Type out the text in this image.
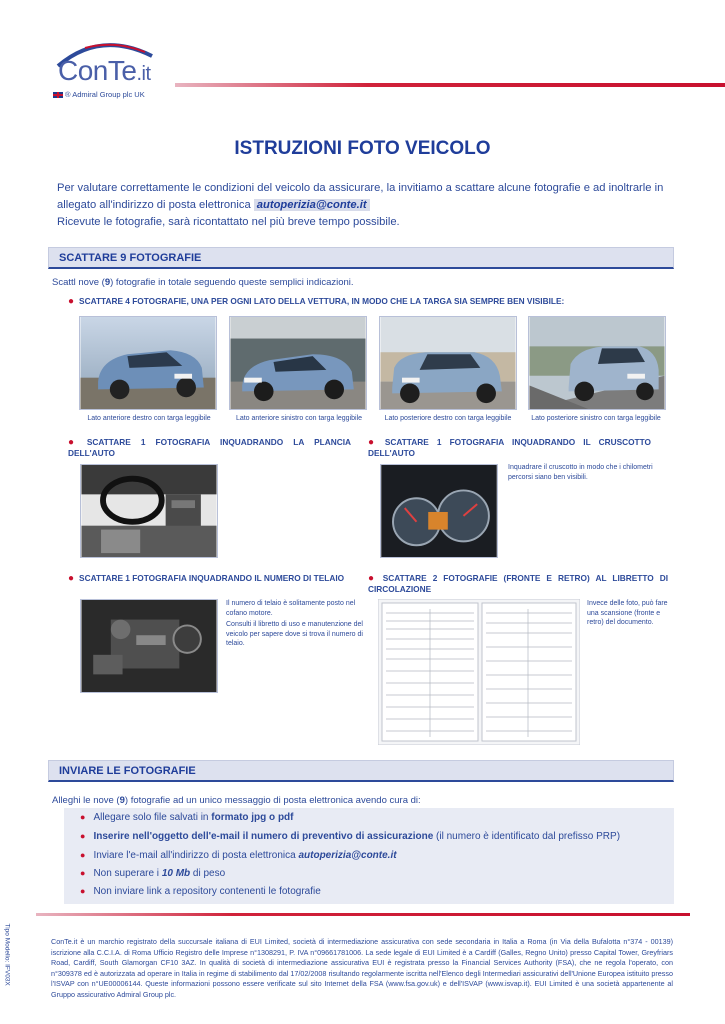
ConTe.it
® Admiral Group plc UK
ISTRUZIONI FOTO VEICOLO
Per valutare correttamente le condizioni del veicolo da assicurare, la invitiamo a scattare alcune fotografie e ad inoltrarle in allegato all'indirizzo di posta elettronica autoperizia@conte.it
Ricevute le fotografie, sarà ricontattato nel più breve tempo possibile.
SCATTARE 9 FOTOGRAFIE
Scattl nove (9) fotografie in totale seguendo queste semplici indicazioni.
● SCATTARE 4 FOTOGRAFIE, UNA PER OGNI LATO DELLA VETTURA, IN MODO CHE LA TARGA SIA SEMPRE BEN VISIBILE:
Lato anteriore destro con targa leggibile	Lato anteriore sinistro con targa leggibile	Lato posteriore destro con targa leggibile	Lato posteriore sinistro con targa leggibile
● SCATTARE 1 FOTOGRAFIA INQUADRANDO LA PLANCIA DELL'AUTO
● SCATTARE 1 FOTOGRAFIA INQUADRANDO IL CRUSCOTTO DELL'AUTO
Inquadrare il cruscotto in modo che i chilometri percorsi siano ben visibili.
● SCATTARE 1 FOTOGRAFIA INQUADRANDO IL NUMERO DI TELAIO	● SCATTARE 2 FOTOGRAFIE (FRONTE E RETRO) AL LIBRETTO DI CIRCOLAZIONE
Il numero di telaio è solitamente posto nel cofano motore.
Consulti il libretto di uso e manutenzione del veicolo per sapere dove si trova il numero di telaio.
Invece delle foto, può fare una scansione (fronte e retro) del documento.
INVIARE LE FOTOGRAFIE
Alleghi le nove (9) fotografie ad un unico messaggio di posta elettronica avendo cura di:
● Allegare solo file salvati in formato jpg o pdf
● Inserire nell'oggetto dell'e-mail il numero di preventivo di assicurazione (il numero è identificato dal prefisso PRP)
● Inviare l'e-mail all'indirizzo di posta elettronica autoperizia@conte.it
● Non superare i 10 Mb di peso
● Non inviare link a repository contenenti le fotografie
Tipo Modello: IFV03X	ConTe.it è un marchio registrato della succursale italiana di EUI Limited, società di intermediazione assicurativa con sede secondaria in Italia a Roma (in Via della Bufalotta n°374 - 00139) iscrizione alla C.C.I.A. di Roma Ufficio Registro delle Imprese n°1308291, P. IVA n°09661781006. La sede legale di EUI Limited è a Cardiff (Galles, Regno Unito) presso Capital Tower, Greyfriars Road, Cardiff, South Glamorgan CF10 3AZ. In qualità di società di intermediazione assicurativa EUI è registrata presso la Financial Services Authority (FSA), che ne regola l'operato, con n°309378 ed è autorizzata ad operare in Italia in regime di stabilimento dal 17/02/2008 risultando regolarmente iscritta nell'Elenco degli Intermediari assicurativi dell'Unione Europea istituito presso l'ISVAP con n°UE00006144. Queste informazioni possono essere verificate sul sito Internet della FSA (www.fsa.gov.uk) e dell'ISVAP (www.isvap.it). EUI Limited è una società appartenente al Gruppo assicurativo Admiral Group plc.
